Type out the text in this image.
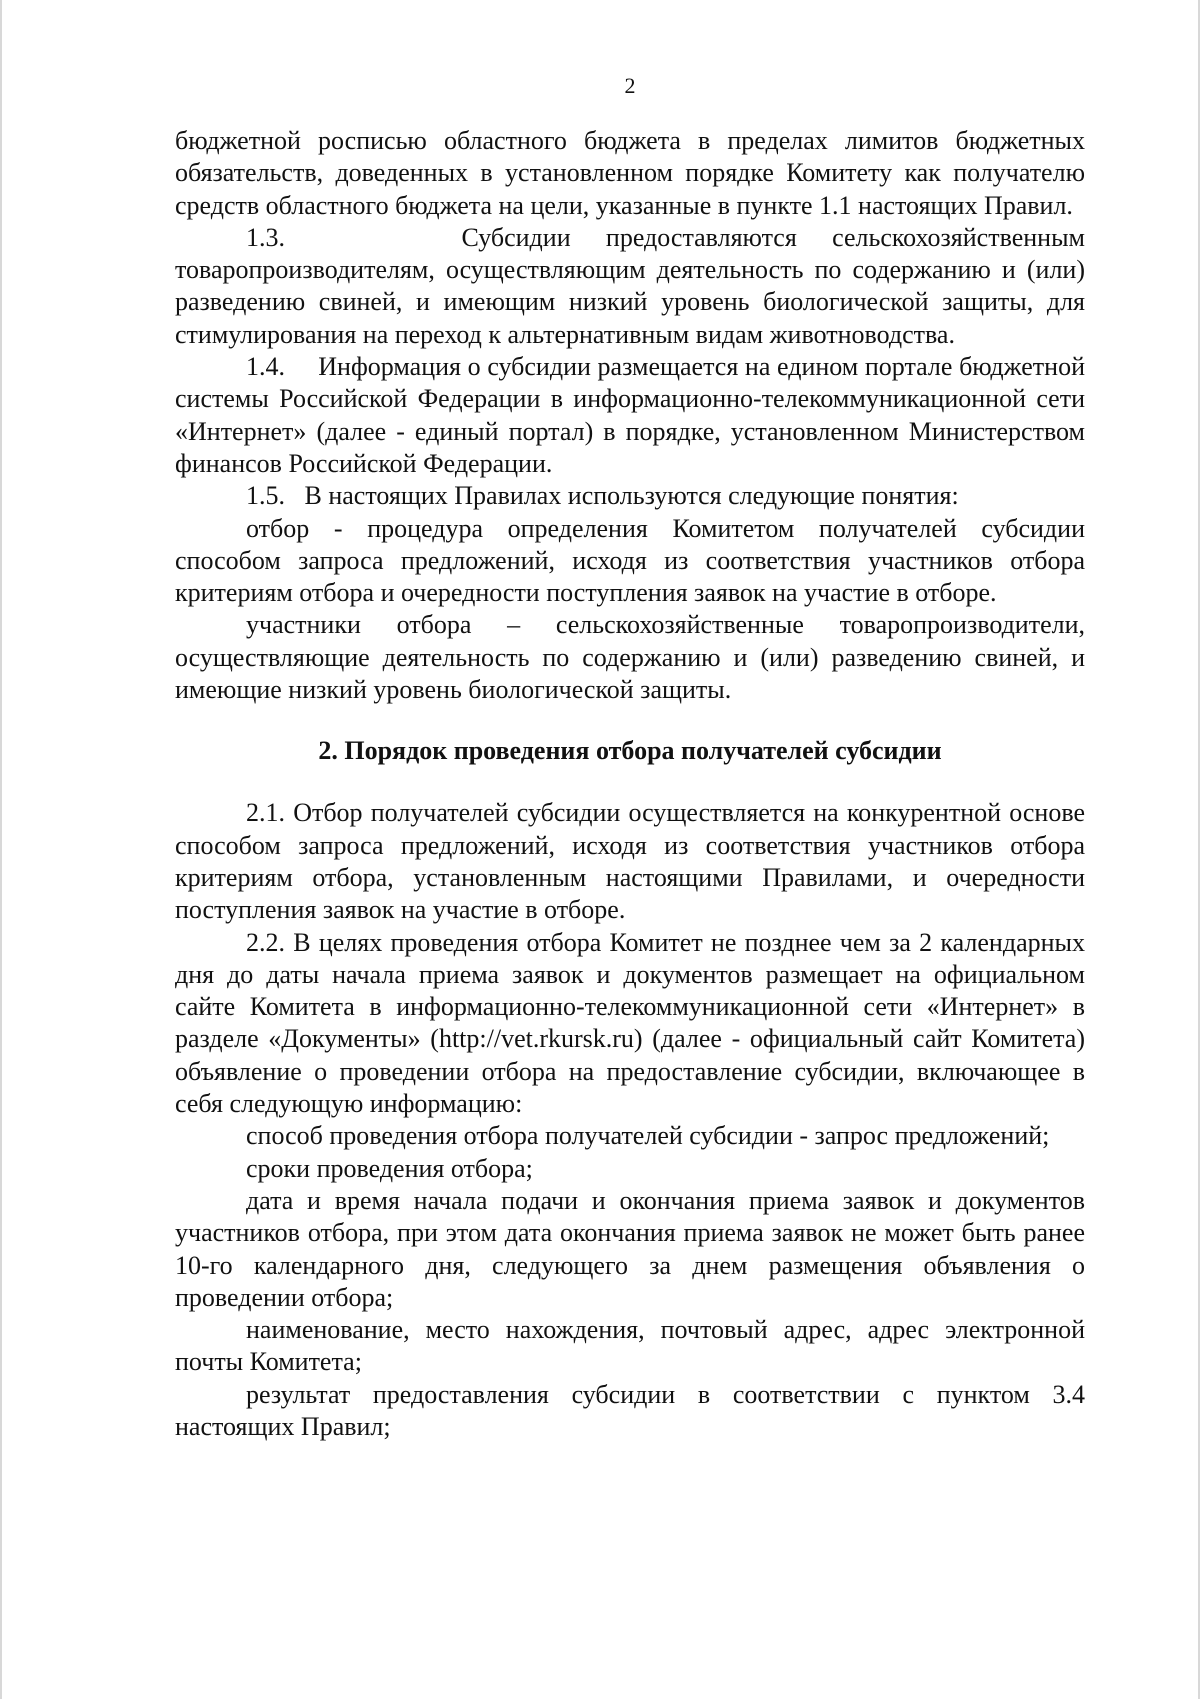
2

бюджетной росписью областного бюджета в пределах лимитов бюджетных обязательств, доведенных в установленном порядке Комитету как получателю средств областного бюджета на цели, указанные в пункте 1.1 настоящих Правил.

1.3.     Субсидии предоставляются сельскохозяйственным товаропроизводителям, осуществляющим деятельность по содержанию и (или) разведению свиней, и имеющим низкий уровень биологической защиты, для стимулирования на переход к альтернативным видам животноводства.

1.4.     Информация о субсидии размещается на едином портале бюджетной системы Российской Федерации в информационно-телекоммуникационной сети «Интернет» (далее - единый портал) в порядке, установленном Министерством финансов Российской Федерации.

1.5.   В настоящих Правилах используются следующие понятия:

отбор - процедура определения Комитетом получателей субсидии способом запроса предложений, исходя из соответствия участников отбора критериям отбора и очередности поступления заявок на участие в отборе.

участники отбора – сельскохозяйственные товаропроизводители, осуществляющие деятельность по содержанию и (или) разведению свиней, и имеющие низкий уровень биологической защиты.

2. Порядок проведения отбора получателей субсидии

2.1. Отбор получателей субсидии осуществляется на конкурентной основе способом запроса предложений, исходя из соответствия участников отбора критериям отбора, установленным настоящими Правилами, и очередности поступления заявок на участие в отборе.

2.2. В целях проведения отбора Комитет не позднее чем за 2 календарных дня до даты начала приема заявок и документов размещает на официальном сайте Комитета в информационно-телекоммуникационной сети «Интернет» в разделе «Документы» (http://vet.rkursk.ru) (далее - официальный сайт Комитета) объявление о проведении отбора на предоставление субсидии, включающее в себя следующую информацию:

способ проведения отбора получателей субсидии - запрос предложений;

сроки проведения отбора;

дата и время начала подачи и окончания приема заявок и документов участников отбора, при этом дата окончания приема заявок не может быть ранее 10-го календарного дня, следующего за днем размещения объявления о проведении отбора;

наименование, место нахождения, почтовый адрес, адрес электронной почты Комитета;

результат предоставления субсидии в соответствии с пунктом 3.4 настоящих Правил;
